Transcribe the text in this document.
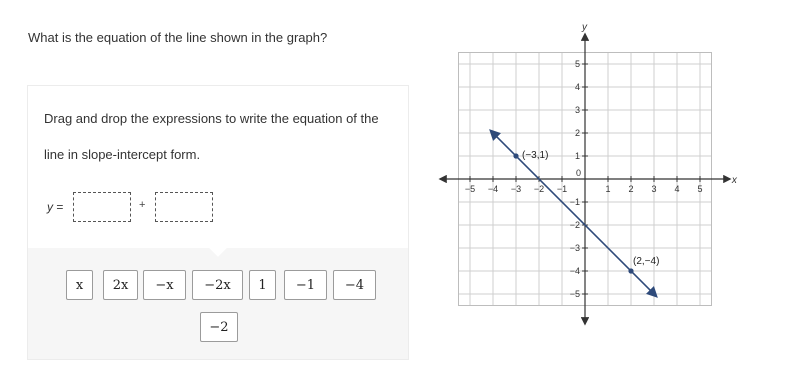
What is the equation of the line shown in the graph?
Drag and drop the expressions to write the equation of the
line in slope-intercept form.
y =	+
x	2x	−x	−2x	1	−1	−4
−2
x
y
0
−5 −4 −3 −2 −1	1 2 3 4 5
5
4
3
2
1
−1
−2
−3
−4
−5
(−3,1)
(2,−4)
